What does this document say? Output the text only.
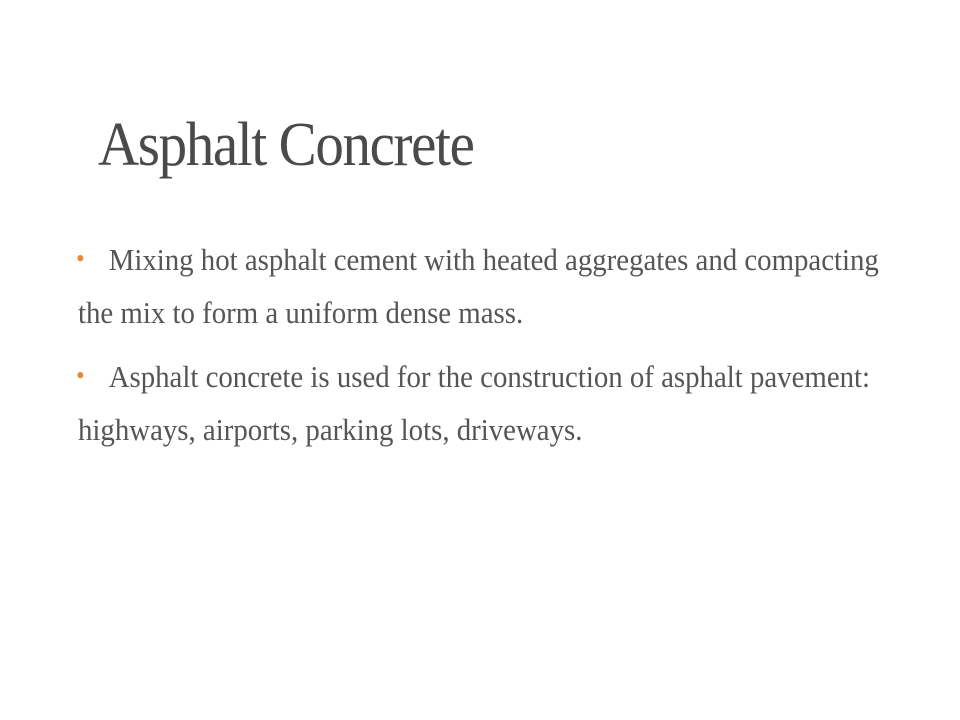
Asphalt Concrete
• Mixing hot asphalt cement with heated aggregates and compacting the mix to form a uniform dense mass.
• Asphalt concrete is used for the construction of asphalt pavement: highways, airports, parking lots, driveways.
